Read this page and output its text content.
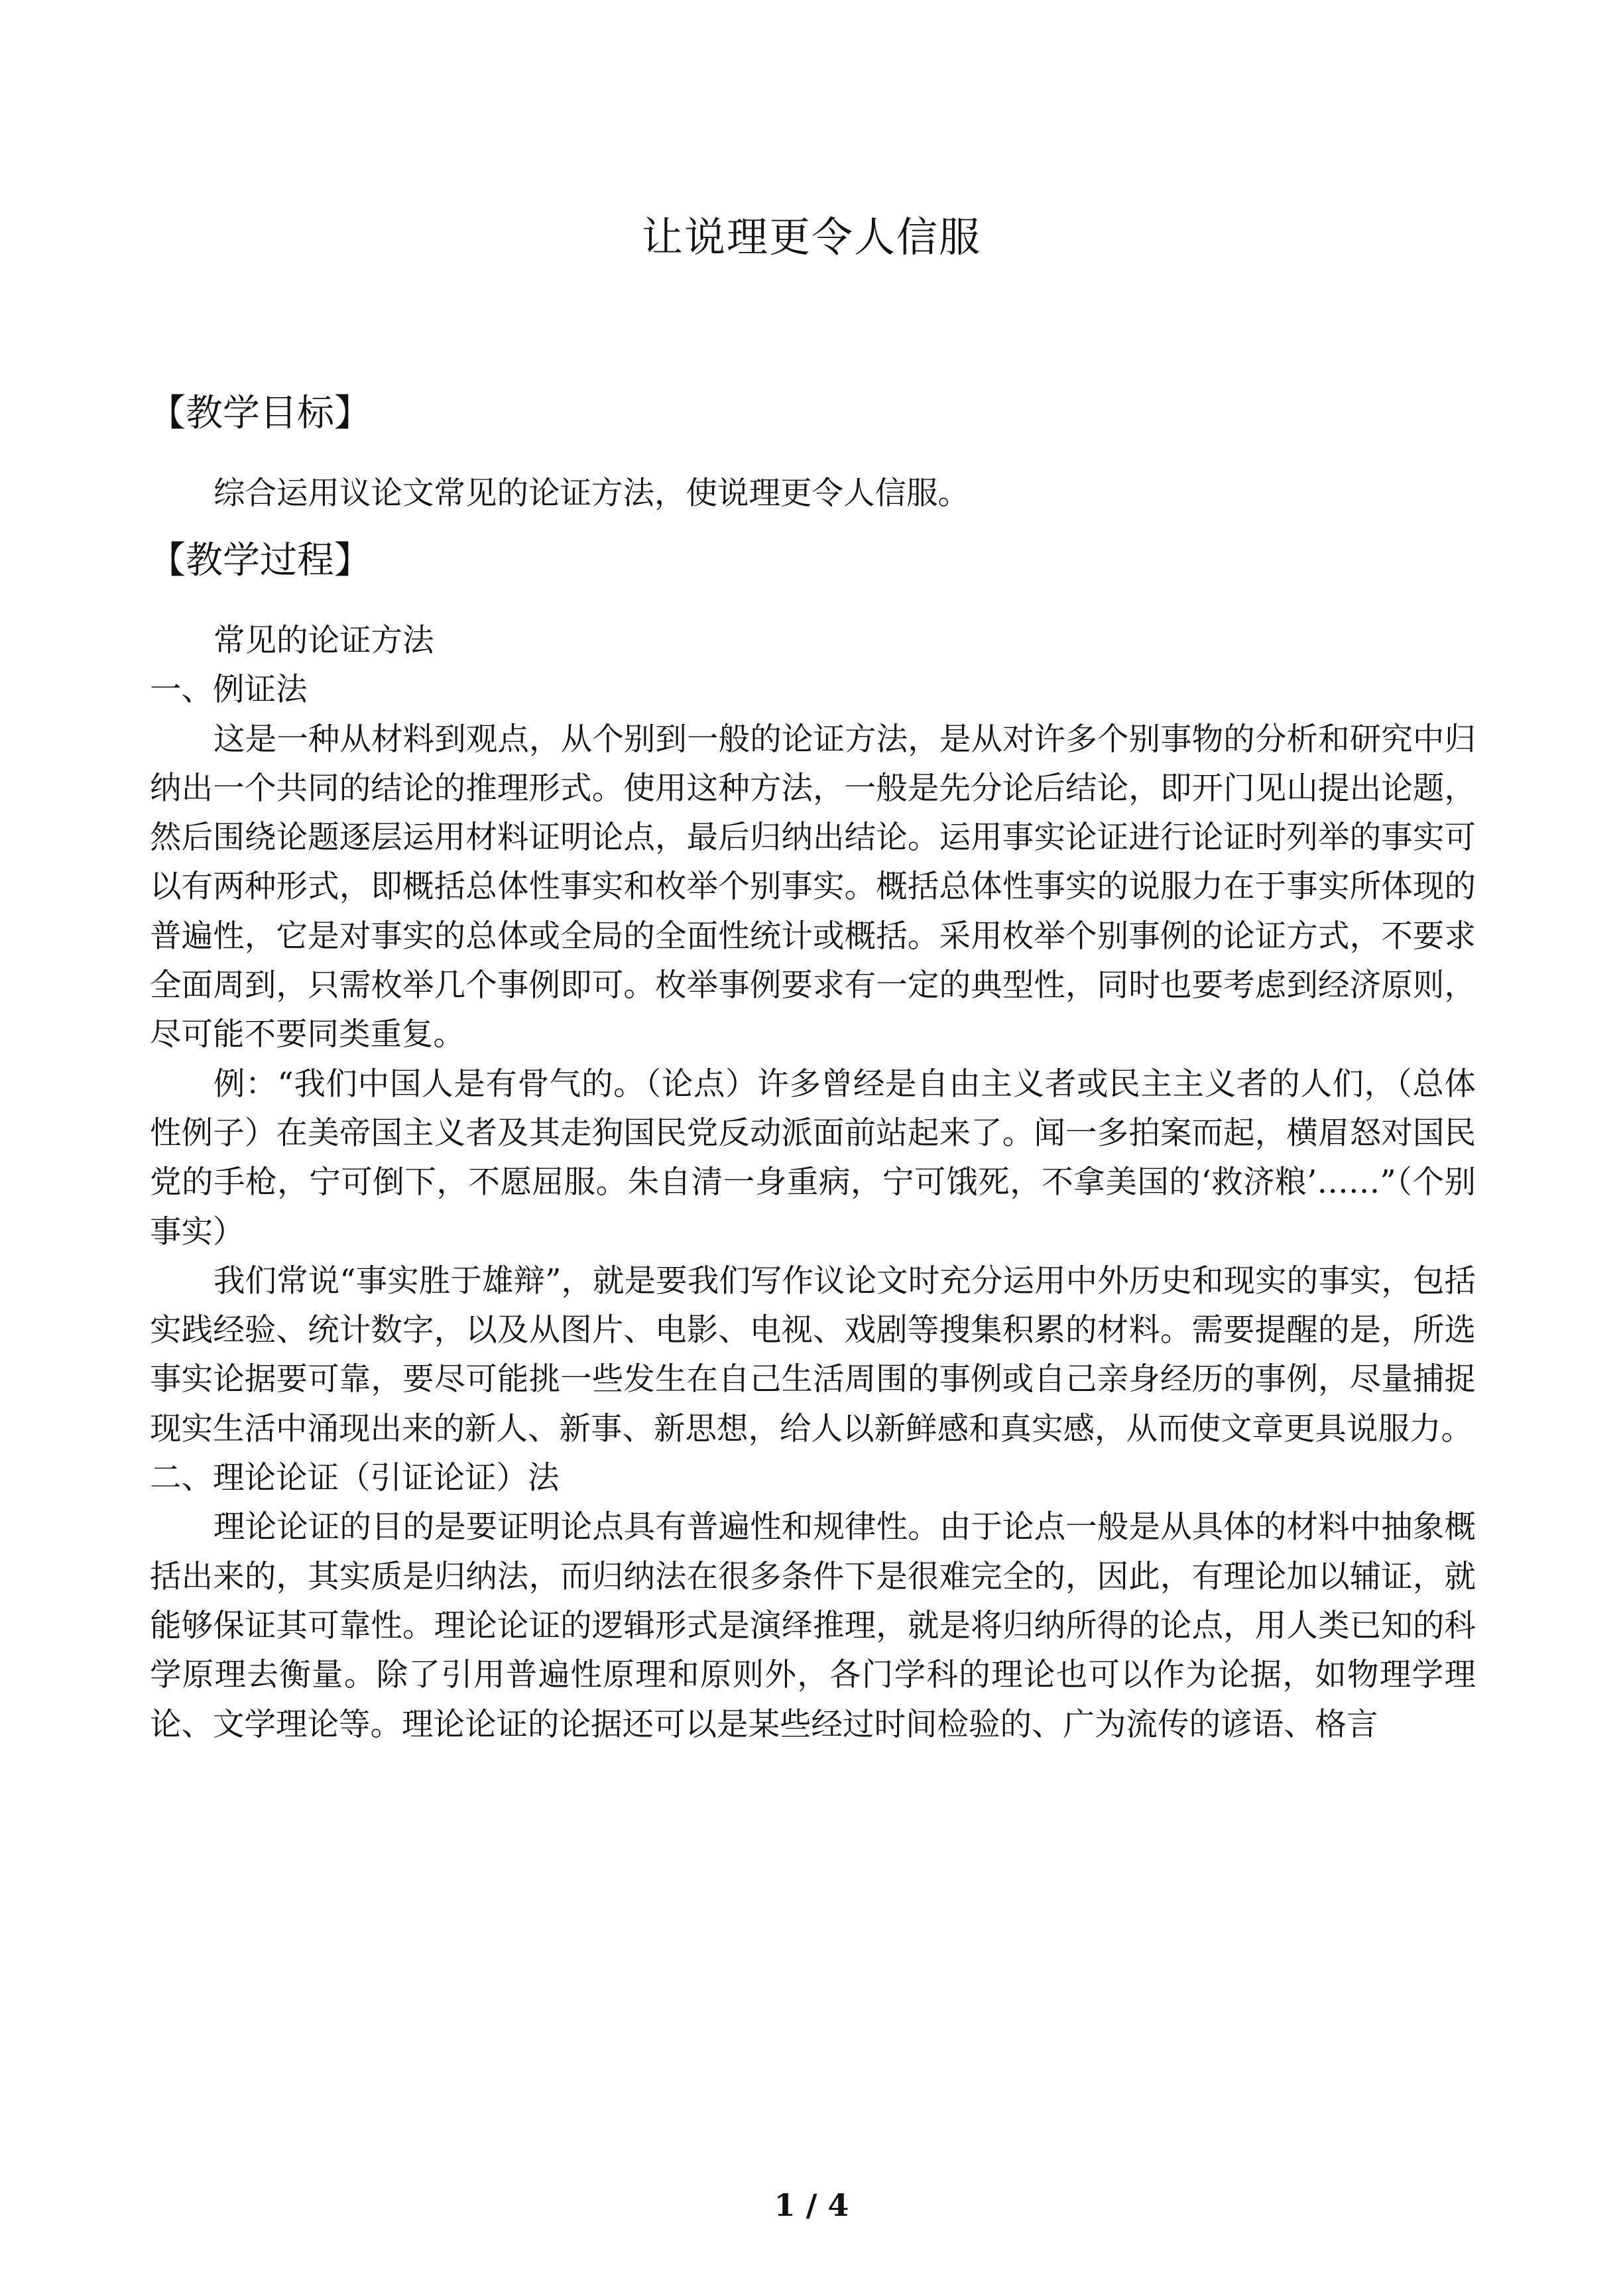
让说理更令人信服
【教学目标】

综合运用议论文常见的论证方法，使说理更令人信服。

【教学过程】

常见的论证方法

一、例证法

这是一种从材料到观点，从个别到一般的论证方法，是从对许多个别事物的分析和研究中归纳出一个共同的结论的推理形式。使用这种方法，一般是先分论后结论，即开门见山提出论题，然后围绕论题逐层运用材料证明论点，最后归纳出结论。运用事实论证进行论证时列举的事实可以有两种形式，即概括总体性事实和枚举个别事实。概括总体性事实的说服力在于事实所体现的普遍性，它是对事实的总体或全局的全面性统计或概括。采用枚举个别事例的论证方式，不要求全面周到，只需枚举几个事例即可。枚举事例要求有一定的典型性，同时也要考虑到经济原则，尽可能不要同类重复。

例：“我们中国人是有骨气的。（论点）许多曾经是自由主义者或民主主义者的人们，（总体性例子）在美帝国主义者及其走狗国民党反动派面前站起来了。闻一多拍案而起，横眉怒对国民党的手枪，宁可倒下，不愿屈服。朱自清一身重病，宁可饿死，不拿美国的‘救济粮’……”（个别事实）

我们常说“事实胜于雄辩”，就是要我们写作议论文时充分运用中外历史和现实的事实，包括实践经验、统计数字，以及从图片、电影、电视、戏剧等搜集积累的材料。需要提醒的是，所选事实论据要可靠，要尽可能挑一些发生在自己生活周围的事例或自己亲身经历的事例，尽量捕捉现实生活中涌现出来的新人、新事、新思想，给人以新鲜感和真实感，从而使文章更具说服力。

二、理论论证（引证论证）法

理论论证的目的是要证明论点具有普遍性和规律性。由于论点一般是从具体的材料中抽象概括出来的，其实质是归纳法，而归纳法在很多条件下是很难完全的，因此，有理论加以辅证，就能够保证其可靠性。理论论证的逻辑形式是演绎推理，就是将归纳所得的论点，用人类已知的科学原理去衡量。除了引用普遍性原理和原则外，各门学科的理论也可以作为论据，如物理学理论、文学理论等。理论论证的论据还可以是某些经过时间检验的、广为流传的谚语、格言

1 / 4
